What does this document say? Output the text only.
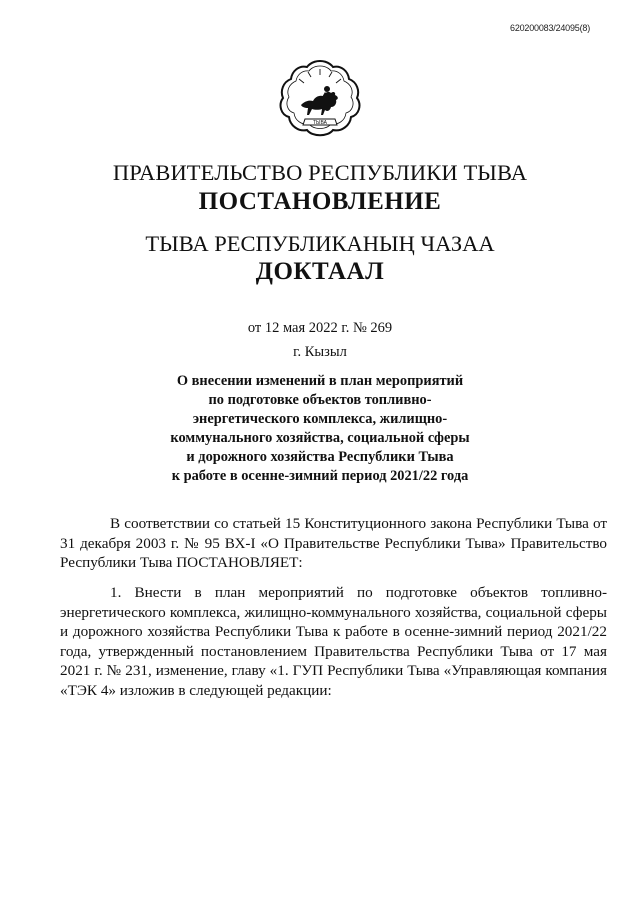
620200083/24095(8)
ТЫВА
ПРАВИТЕЛЬСТВО РЕСПУБЛИКИ ТЫВА
ПОСТАНОВЛЕНИЕ
ТЫВА РЕСПУБЛИКАНЫҢ ЧАЗАА
ДОКТААЛ
от 12 мая 2022 г. № 269
г. Кызыл
О внесении изменений в план мероприятий
по подготовке объектов топливно-
энергетического комплекса, жилищно-
коммунального хозяйства, социальной сферы
и дорожного хозяйства Республики Тыва
к работе в осенне-зимний период 2021/22 года
В соответствии со статьей 15 Конституционного закона Республики Тыва от 31 декабря 2003 г. № 95 ВХ-I «О Правительстве Республики Тыва» Правительство Республики Тыва ПОСТАНОВЛЯЕТ:
1. Внести в план мероприятий по подготовке объектов топливно-энергетического комплекса, жилищно-коммунального хозяйства, социальной сферы и дорожного хозяйства Республики Тыва к работе в осенне-зимний период 2021/22 года, утвержденный постановлением Правительства Республики Тыва от 17 мая 2021 г. № 231, изменение, главу «1. ГУП Республики Тыва «Управляющая компания «ТЭК 4» изложив в следующей редакции:
